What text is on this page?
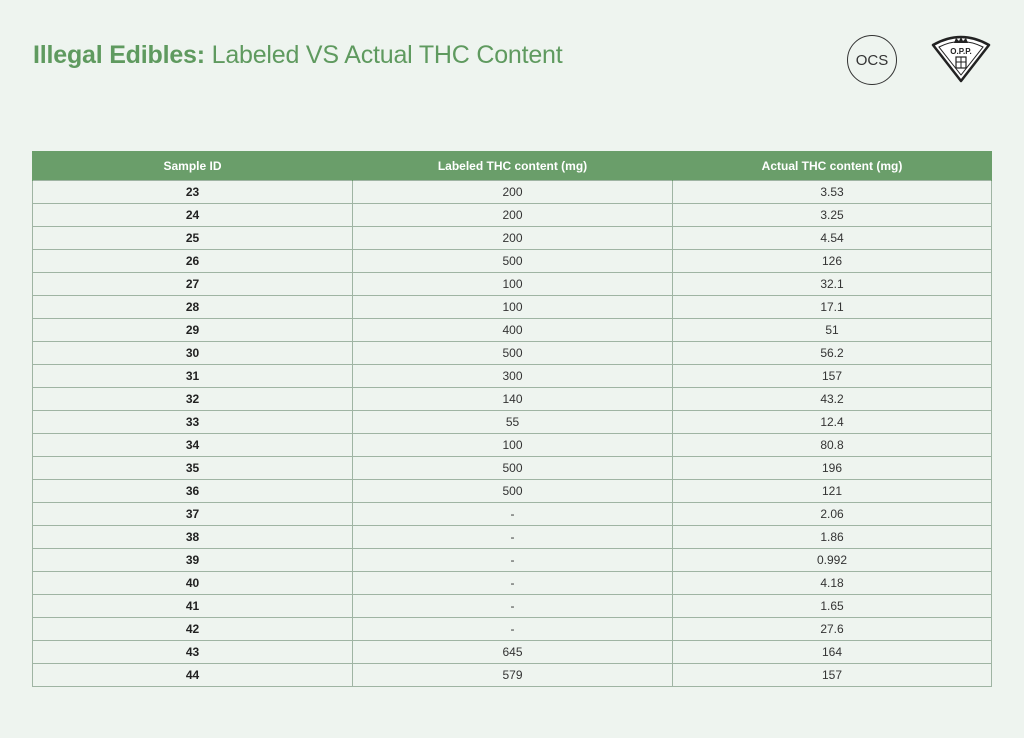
Illegal Edibles: Labeled VS Actual THC Content	OCS	O.P.P.
Sample ID	Labeled THC content (mg)	Actual THC content (mg)
23	200	3.53
24	200	3.25
25	200	4.54
26	500	126
27	100	32.1
28	100	17.1
29	400	51
30	500	56.2
31	300	157
32	140	43.2
33	55	12.4
34	100	80.8
35	500	196
36	500	121
37	-	2.06
38	-	1.86
39	-	0.992
40	-	4.18
41	-	1.65
42	-	27.6
43	645	164
44	579	157
